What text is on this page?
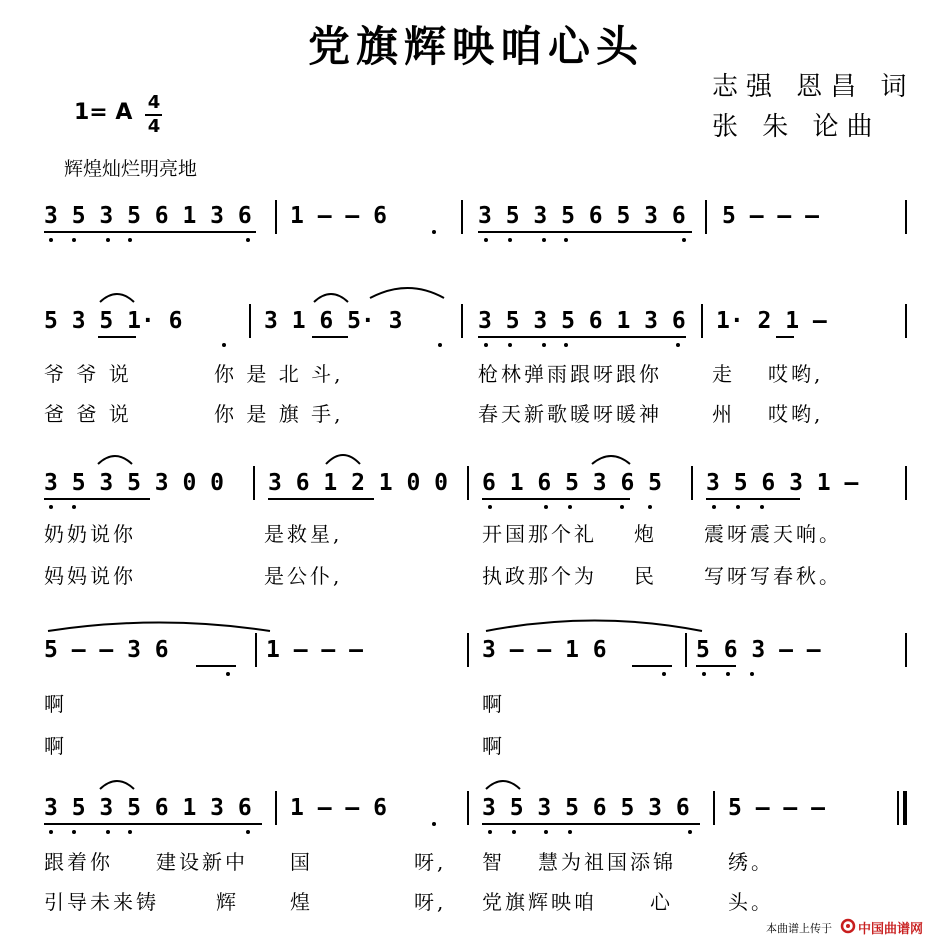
党旗辉映咱心头
志强 恩昌 词
张 朱 论曲
1= A 4
4
辉煌灿烂明亮地
3 5 3 5 6 1 3 6 1 – – 6	3 5 3 5 6 5 3 6 5 – – –
5 3 5 1· 6	3 1 6 5· 3	3 5 3 5 6 1 3 6 1· 2 1 –
爷 爷 说	你 是 北 斗,	枪林弹雨跟呀跟你	走 哎哟,
爸 爸 说	你 是 旗 手,	春天新歌暖呀暖神	州 哎哟,
3 5 3 5 3 0 0 3 6 1 2 1 0 0 6 1 6 5 3 6 5 3 5 6 3 1 –
奶奶说你	是救星,	开国那个礼 炮 震呀震天响。
妈妈说你	是公仆,	执政那个为 民 写呀写春秋。
5 – – 3 6	1 – – –	3 – – 1 6	5 6 3 – –
啊	啊
啊	啊
3 5 3 5 6 1 3 6 1 – – 6	3 5 3 5 6 5 3 6 5 – – –
跟着你 建设新中 国	呀, 智 慧为祖国添锦	绣。
引导未来铸	辉	煌	呀, 党旗辉映咱	心	头。
本曲谱上传于 中国曲谱网
